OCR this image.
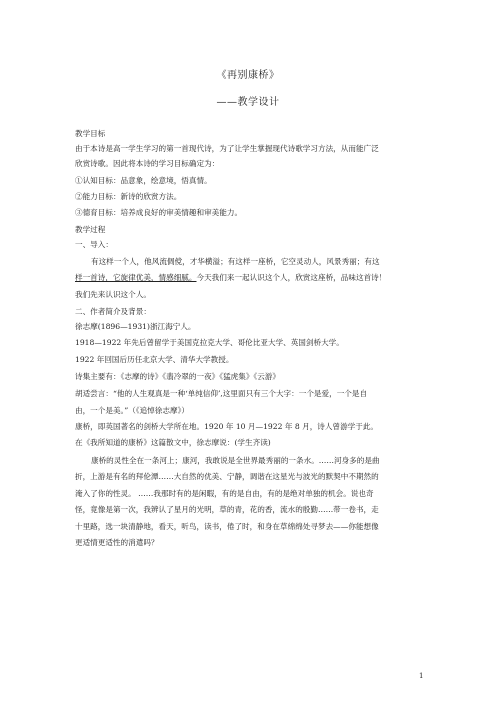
《再别康桥》
——教学设计
教学目标
由于本诗是高一学生学习的第一首现代诗，为了让学生掌握现代诗歌学习方法，从而能广泛
欣赏诗歌。因此将本诗的学习目标确定为：
①认知目标：品意象，绘意境，悟真情。
②能力目标：新诗的欣赏方法。
③德育目标：培养成良好的审美情趣和审美能力。
教学过程
一、导入：
有这样一个人，他风流倜傥，才华横溢；有这样一座桥，它空灵动人，风景秀丽；有这
样一首诗，它旋律优美，情感细腻。今天我们来一起认识这个人，欣赏这座桥，品味这首诗！
我们先来认识这个人。
二、作者简介及背景：
徐志摩(1896—1931)浙江海宁人。
1918—1922 年先后曾留学于美国克拉克大学、哥伦比亚大学、英国剑桥大学。
1922 年回国后历任北京大学、清华大学教授。
诗集主要有：《志摩的诗》《翡冷翠的一夜》《猛虎集》《云游》
胡适尝言：“他的人生观真是一种‘单纯信仰’,这里面只有三个大字：一个是爱，一个是自
由，一个是美。”（《追悼徐志摩》）
康桥，即英国著名的剑桥大学所在地。1920 年 10 月—1922 年 8 月，诗人曾游学于此。
在《我所知道的康桥》这篇散文中，徐志摩说：(学生齐读)
康桥的灵性全在一条河上；康河，我敢说是全世界最秀丽的一条水。……河身多的是曲
折，上游是有名的拜伦潭……大自然的优美、宁静，调谐在这星光与波光的默契中不期然的
淹入了你的性灵。 ……我那时有的是闲暇，有的是自由，有的是绝对单独的机会。说也奇
怪，竟像是第一次，我辨认了星月的光明，草的青，花的香，流水的殷勤……带一卷书，走
十里路，选一块清静地，看天，听鸟，读书，倦了时，和身在草绵绵处寻梦去——你能想像
更适情更适性的消遣吗？
1
